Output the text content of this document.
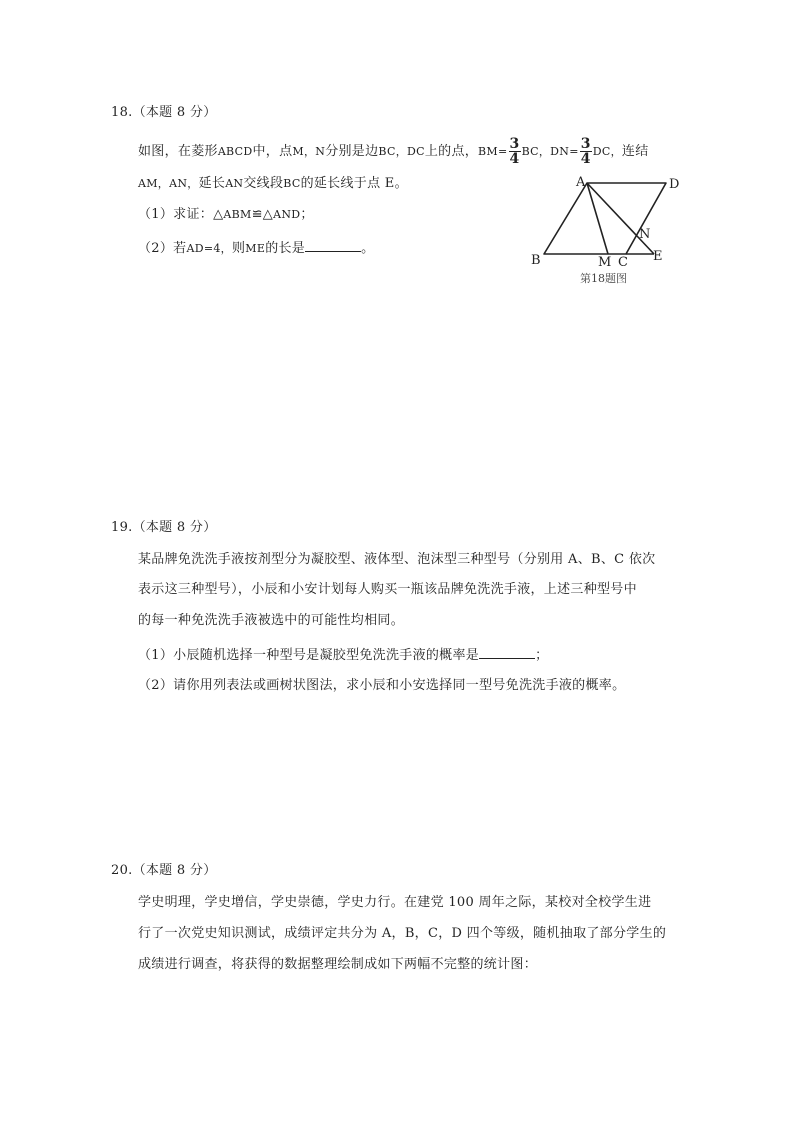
18.（本题 8 分）
如图，在菱形ABCD中，点M，N分别是边BC，DC上的点，$BM= \frac{3}{4}$ BC，$DN= \frac{3}{4}$ DC，连结
AM，AN，延长AN交线段BC的延长线于点 E。
（1）求证：△ABM≌△AND；
（2）若AD=4，则ME的长是	。
A	D
B	M C E
N
第18题图
19.（本题 8 分）
某品牌免洗洗手液按剂型分为凝胶型、液体型、泡沫型三种型号（分别用 A、B、C 依次
表示这三种型号），小辰和小安计划每人购买一瓶该品牌免洗洗手液，上述三种型号中
的每一种免洗洗手液被选中的可能性均相同。
（1）小辰随机选择一种型号是凝胶型免洗洗手液的概率是	；
（2）请你用列表法或画树状图法，求小辰和小安选择同一型号免洗洗手液的概率。
20.（本题 8 分）
学史明理，学史增信，学史崇德，学史力行。在建党 100 周年之际，某校对全校学生进
行了一次党史知识测试，成绩评定共分为 A，B，C，D 四个等级，随机抽取了部分学生的
成绩进行调查，将获得的数据整理绘制成如下两幅不完整的统计图：
